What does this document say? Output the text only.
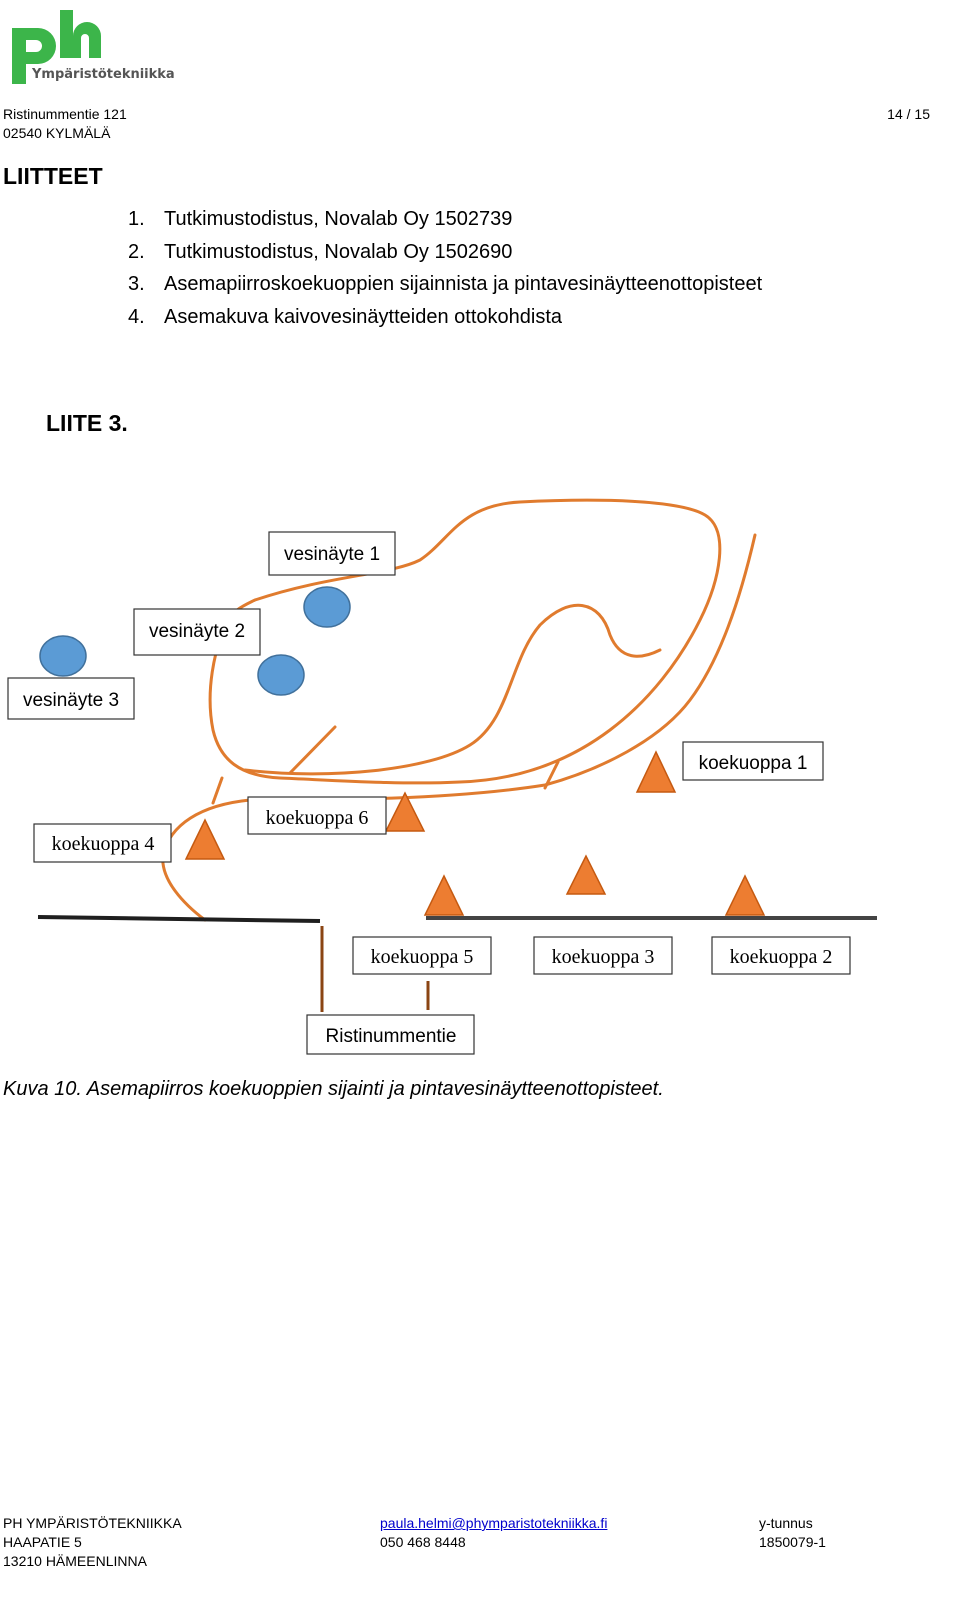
Ympäristötekniikka
Ristinummentie 121
02540 KYLMÄLÄ
14 / 15
LIITTEET
1. Tutkimustodistus, Novalab Oy 1502739
2. Tutkimustodistus, Novalab Oy 1502690
3. Asemapiirroskoekuoppien sijainnista ja pintavesinäytteenottopisteet
4. Asemakuva kaivovesinäytteiden ottokohdista
LIITE 3.
vesinäyte 1
vesinäyte 2
vesinäyte 3
koekuoppa 1
Ristinummentie
koekuoppa 6
koekuoppa 4
koekuoppa 5	koekuoppa 3	koekuoppa 2
Kuva 10. Asemapiirros koekuoppien sijainti ja pintavesinäytteenottopisteet.
PH YMPÄRISTÖTEKNIIKKA
HAAPATIE 5
13210 HÄMEENLINNA
paula.helmi@phymparistotekniikka.fi
050 468 8448
y-tunnus
1850079-1
